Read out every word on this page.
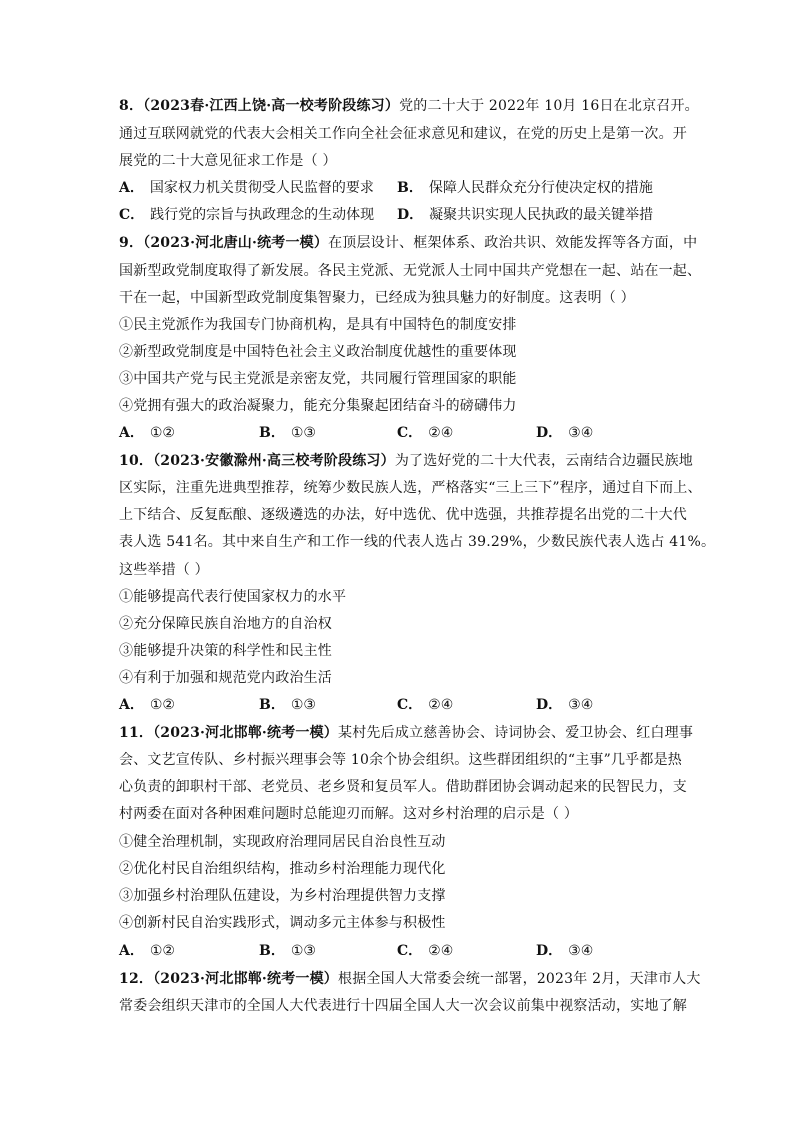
8．（2023春·江西上饶·高一校考阶段练习）党的二十大于 2022年 10月 16日在北京召开。
通过互联网就党的代表大会相关工作向全社会征求意见和建议，在党的历史上是第一次。开
展党的二十大意见征求工作是（ ）
A． 国家权力机关贯彻受人民监督的要求 B． 保障人民群众充分行使决定权的措施
C． 践行党的宗旨与执政理念的生动体现 D． 凝聚共识实现人民执政的最关键举措
9．（2023·河北唐山·统考一模）在顶层设计、框架体系、政治共识、效能发挥等各方面，中
国新型政党制度取得了新发展。各民主党派、无党派人士同中国共产党想在一起、站在一起、
干在一起，中国新型政党制度集智聚力，已经成为独具魅力的好制度。这表明（ ）
①民主党派作为我国专门协商机构，是具有中国特色的制度安排
②新型政党制度是中国特色社会主义政治制度优越性的重要体现
③中国共产党与民主党派是亲密友党，共同履行管理国家的职能
④党拥有强大的政治凝聚力，能充分集聚起团结奋斗的磅礴伟力
A． ①②	B． ①③	C． ②④	D． ③④
10．（2023·安徽滁州·高三校考阶段练习）为了选好党的二十大代表，云南结合边疆民族地
区实际，注重先进典型推荐，统筹少数民族人选，严格落实“三上三下”程序，通过自下而上、
上下结合、反复酝酿、逐级遴选的办法，好中选优、优中选强，共推荐提名出党的二十大代
表人选 541名。其中来自生产和工作一线的代表人选占 39.29%，少数民族代表人选占 41%。
这些举措（ ）
①能够提高代表行使国家权力的水平
②充分保障民族自治地方的自治权
③能够提升决策的科学性和民主性
④有利于加强和规范党内政治生活
A． ①②	B． ①③	C． ②④	D． ③④
11．（2023·河北邯郸·统考一模）某村先后成立慈善协会、诗词协会、爱卫协会、红白理事
会、文艺宣传队、乡村振兴理事会等 10余个协会组织。这些群团组织的“主事”几乎都是热
心负责的卸职村干部、老党员、老乡贤和复员军人。借助群团协会调动起来的民智民力，支
村两委在面对各种困难问题时总能迎刃而解。这对乡村治理的启示是（ ）
①健全治理机制，实现政府治理同居民自治良性互动
②优化村民自治组织结构，推动乡村治理能力现代化
③加强乡村治理队伍建设，为乡村治理提供智力支撑
④创新村民自治实践形式，调动多元主体参与积极性
A． ①②	B． ①③	C． ②④	D． ③④
12．（2023·河北邯郸·统考一模）根据全国人大常委会统一部署，2023年 2月，天津市人大
常委会组织天津市的全国人大代表进行十四届全国人大一次会议前集中视察活动，实地了解
